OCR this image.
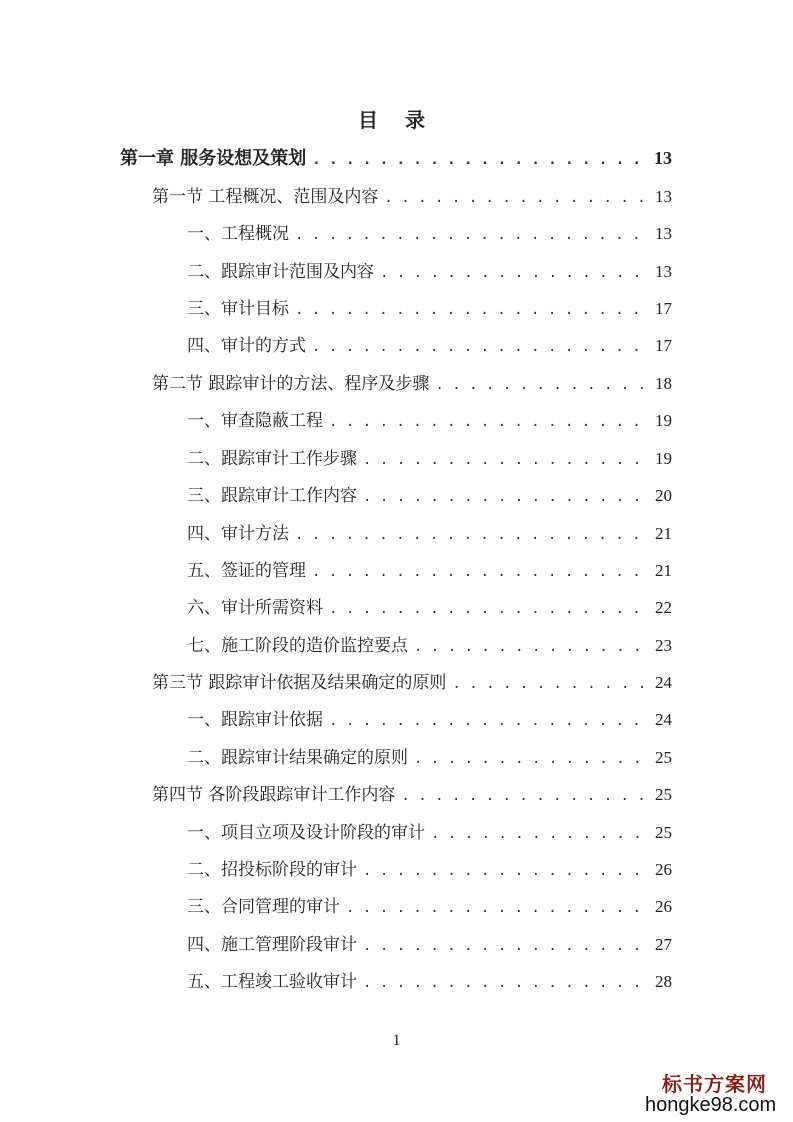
目 录
第一章 服务设想及策划 . . .	13
第一节 工程概况、范围及内容 . . .	13
一、工程概况 . . .	13
二、跟踪审计范围及内容 . . .	13
三、审计目标 . . .	17
四、审计的方式 . . .	17
第二节 跟踪审计的方法、程序及步骤 . . .	18
一、审查隐蔽工程 . . .	19
二、跟踪审计工作步骤 . . .	19
三、跟踪审计工作内容 . . .	20
四、审计方法 . . .	21
五、签证的管理 . . .	21
六、审计所需资料 . . .	22
七、施工阶段的造价监控要点 . . .	23
第三节 跟踪审计依据及结果确定的原则 . . .	24
一、跟踪审计依据 . . .	24
二、跟踪审计结果确定的原则 . . .	25
第四节 各阶段跟踪审计工作内容 . . .	25
一、项目立项及设计阶段的审计 . . .	25
二、招投标阶段的审计 . . .	26
三、合同管理的审计 . . .	26
四、施工管理阶段审计 . . .	27
五、工程竣工验收审计 . . .	28
1
标书方案网
hongke98.com
